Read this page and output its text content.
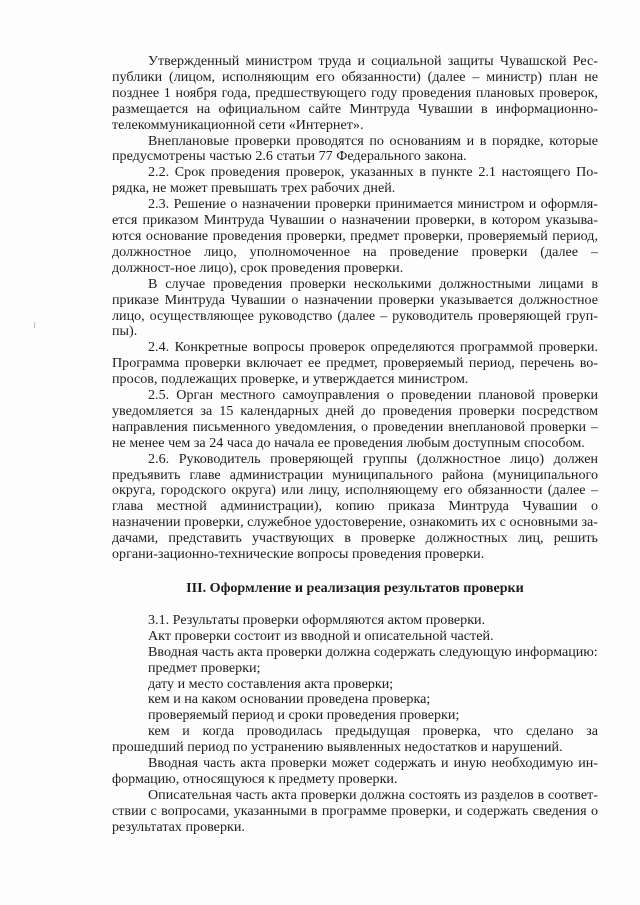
Утвержденный министром труда и социальной защиты Чувашской Рес-публики (лицом, исполняющим его обязанности) (далее – министр) план не позднее 1 ноября года, предшествующего году проведения плановых проверок, размещается на официальном сайте Минтруда Чувашии в информационно-телекоммуникационной сети «Интернет».

Внеплановые проверки проводятся по основаниям и в порядке, которые предусмотрены частью 2.6 статьи 77 Федерального закона.

2.2. Срок проведения проверок, указанных в пункте 2.1 настоящего По-рядка, не может превышать трех рабочих дней.

2.3. Решение о назначении проверки принимается министром и оформля-ется приказом Минтруда Чувашии о назначении проверки, в котором указыва-ются основание проведения проверки, предмет проверки, проверяемый период, должностное лицо, уполномоченное на проведение проверки (далее – должност-ное лицо), срок проведения проверки.

В случае проведения проверки несколькими должностными лицами в приказе Минтруда Чувашии о назначении проверки указывается должностное лицо, осуществляющее руководство (далее – руководитель проверяющей груп-пы).

2.4. Конкретные вопросы проверок определяются программой проверки. Программа проверки включает ее предмет, проверяемый период, перечень во-просов, подлежащих проверке, и утверждается министром.

2.5. Орган местного самоуправления о проведении плановой проверки уведомляется за 15 календарных дней до проведения проверки посредством направления письменного уведомления, о проведении внеплановой проверки – не менее чем за 24 часа до начала ее проведения любым доступным способом.

2.6. Руководитель проверяющей группы (должностное лицо) должен предъявить главе администрации муниципального района (муниципального округа, городского округа) или лицу, исполняющему его обязанности (далее – глава местной администрации), копию приказа Минтруда Чувашии о назначении проверки, служебное удостоверение, ознакомить их с основными за-дачами, представить участвующих в проверке должностных лиц, решить органи-зационно-технические вопросы проведения проверки.

III. Оформление и реализация результатов проверки

3.1. Результаты проверки оформляются актом проверки.

Акт проверки состоит из вводной и описательной частей.

Вводная часть акта проверки должна содержать следующую информацию:

предмет проверки;

дату и место составления акта проверки;

кем и на каком основании проведена проверка;

проверяемый период и сроки проведения проверки;

кем и когда проводилась предыдущая проверка, что сделано за прошедший период по устранению выявленных недостатков и нарушений.

Вводная часть акта проверки может содержать и иную необходимую ин-формацию, относящуюся к предмету проверки.

Описательная часть акта проверки должна состоять из разделов в соответ-ствии с вопросами, указанными в программе проверки, и содержать сведения о результатах проверки.
